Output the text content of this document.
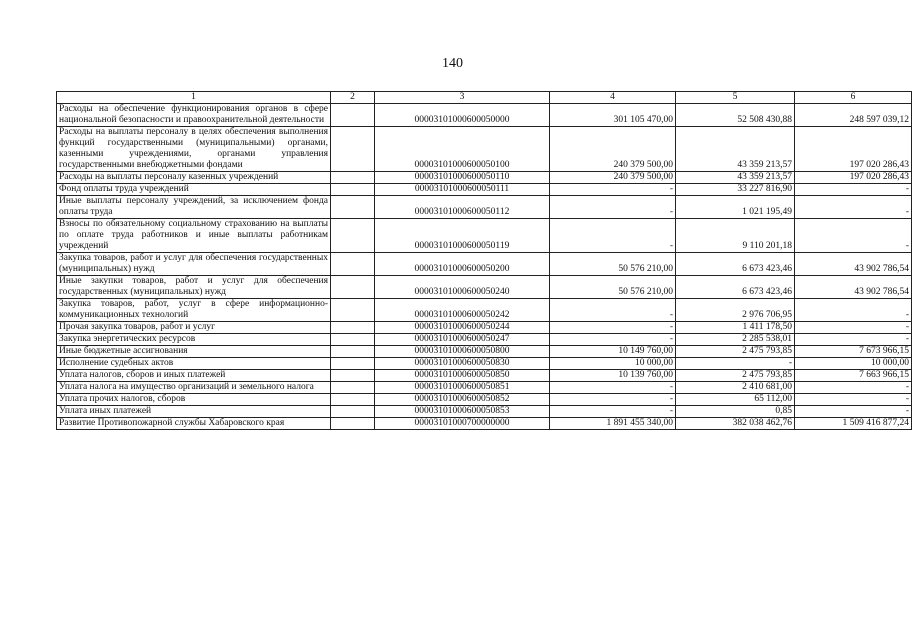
140
1	2	3	4	5	6
Расходы на обеспечение функционирования органов в сфере национальной безопасности и правоохранительной деятельности		00003101000600050000	301 105 470,00	52 508 430,88	248 597 039,12
Расходы на выплаты персоналу в целях обеспечения выполнения функций государственными (муниципальными) органами, казенными учреждениями, органами управления государственными внебюджетными фондами		00003101000600050100	240 379 500,00	43 359 213,57	197 020 286,43
Расходы на выплаты персоналу казенных учреждений		00003101000600050110	240 379 500,00	43 359 213,57	197 020 286,43
Фонд оплаты труда учреждений		00003101000600050111	-	33 227 816,90	-
Иные выплаты персоналу учреждений, за исключением фонда оплаты труда		00003101000600050112	-	1 021 195,49	-
Взносы по обязательному социальному страхованию на выплаты по оплате труда работников и иные выплаты работникам учреждений		00003101000600050119	-	9 110 201,18	-
Закупка товаров, работ и услуг для обеспечения государственных (муниципальных) нужд		00003101000600050200	50 576 210,00	6 673 423,46	43 902 786,54
Иные закупки товаров, работ и услуг для обеспечения государственных (муниципальных) нужд		00003101000600050240	50 576 210,00	6 673 423,46	43 902 786,54
Закупка товаров, работ, услуг в сфере информационно-коммуникационных технологий		00003101000600050242	-	2 976 706,95	-
Прочая закупка товаров, работ и услуг		00003101000600050244	-	1 411 178,50	-
Закупка энергетических ресурсов		00003101000600050247	-	2 285 538,01	-
Иные бюджетные ассигнования		00003101000600050800	10 149 760,00	2 475 793,85	7 673 966,15
Исполнение судебных актов		00003101000600050830	10 000,00	-	10 000,00
Уплата налогов, сборов и иных платежей		00003101000600050850	10 139 760,00	2 475 793,85	7 663 966,15
Уплата налога на имущество организаций и земельного налога		00003101000600050851	-	2 410 681,00	-
Уплата прочих налогов, сборов		00003101000600050852	-	65 112,00	-
Уплата иных платежей		00003101000600050853	-	0,85	-
Развитие Противопожарной службы Хабаровского края		00003101000700000000	1 891 455 340,00	382 038 462,76	1 509 416 877,24
